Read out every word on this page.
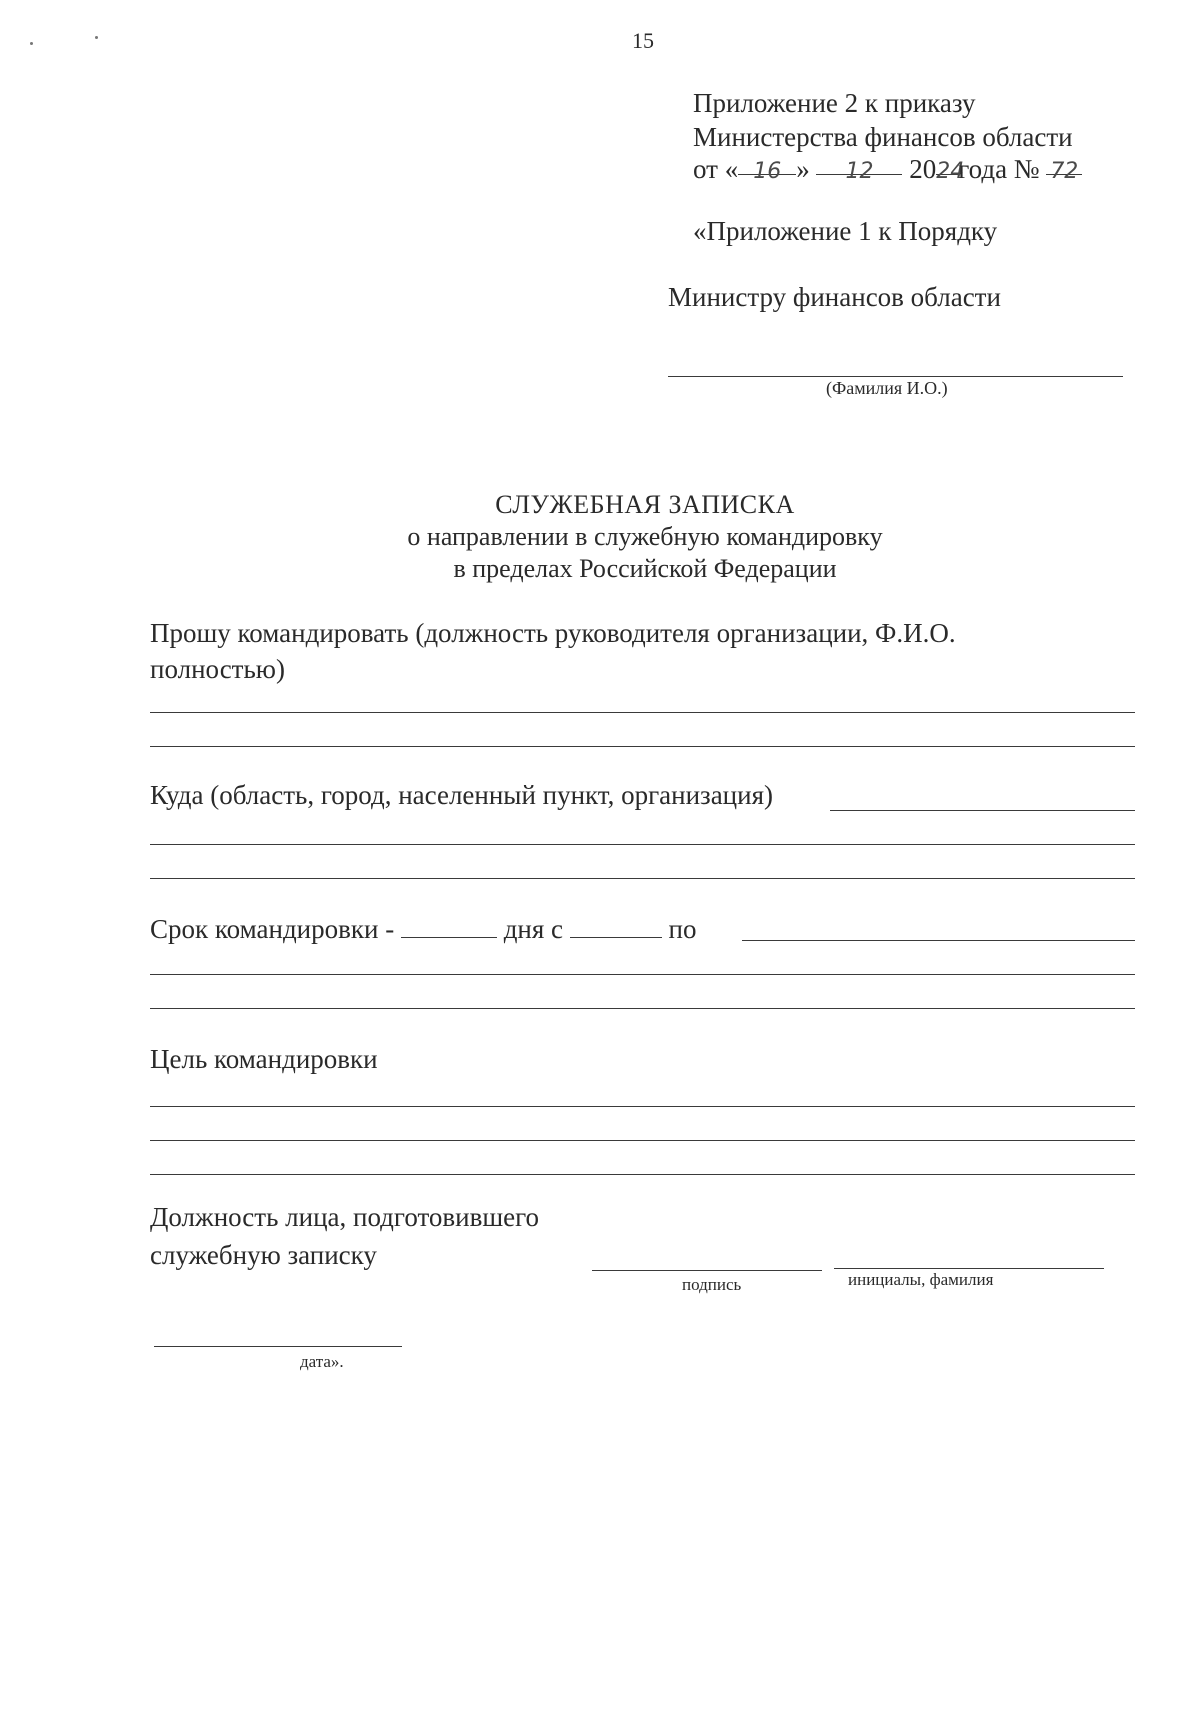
15
Приложение 2 к приказу
Министерства финансов области
от « 16 » 12 2024года № 72
«Приложение 1 к Порядку
Министру финансов области
(Фамилия И.О.)
СЛУЖЕБНАЯ ЗАПИСКА
о направлении в служебную командировку
в пределах Российской Федерации
Прошу командировать (должность руководителя организации, Ф.И.О.
полностью)
Куда (область, город, населенный пункт, организация)
Срок командировки -	дня с	по
Цель командировки
Должность лица, подготовившего
служебную записку
подпись	инициалы, фамилия
дата».
